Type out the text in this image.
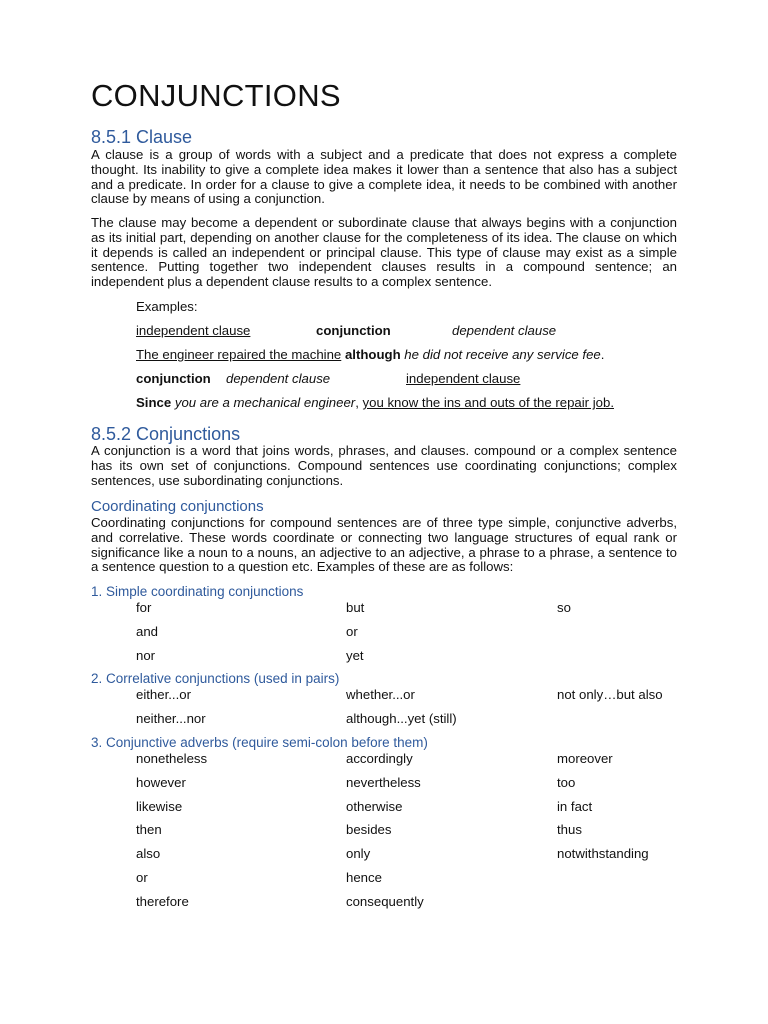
CONJUNCTIONS
8.5.1 Clause

A clause is a group of words with a subject and a predicate that does not express a complete thought. Its inability to give a complete idea makes it lower than a sentence that also has a subject and a predicate. In order for a clause to give a complete idea, it needs to be combined with another clause by means of using a conjunction.

The clause may become a dependent or subordinate clause that always begins with a conjunction as its initial part, depending on another clause for the completeness of its idea. The clause on which it depends is called an independent or principal clause. This type of clause may exist as a simple sentence. Putting together two independent clauses results in a compound sentence; an independent plus a dependent clause results to a complex sentence.

Examples:
independent clause	conjunction	dependent clause
The engineer repaired the machine although he did not receive any service fee.
conjunction dependent clause	independent clause
Since you are a mechanical engineer, you know the ins and outs of the repair job.
8.5.2 Conjunctions

A conjunction is a word that joins words, phrases, and clauses. compound or a complex sentence has its own set of conjunctions. Compound sentences use coordinating conjunctions; complex sentences, use subordinating conjunctions.

Coordinating conjunctions

Coordinating conjunctions for compound sentences are of three type simple, conjunctive adverbs, and correlative. These words coordinate or connecting two language structures of equal rank or significance like a noun to a nouns, an adjective to an adjective, a phrase to a phrase, a sentence to a sentence question to a question etc. Examples of these are as follows:

1. Simple coordinating conjunctions
for	but	so
and	or
nor	yet
2. Correlative conjunctions (used in pairs)
either...or	whether...or	not only…but also
neither...nor	although...yet (still)
3. Conjunctive adverbs (require semi-colon before them)
nonetheless	accordingly	moreover
however	nevertheless	too
likewise	otherwise	in fact
then	besides	thus
also	only	notwithstanding
or	hence
therefore	consequently
